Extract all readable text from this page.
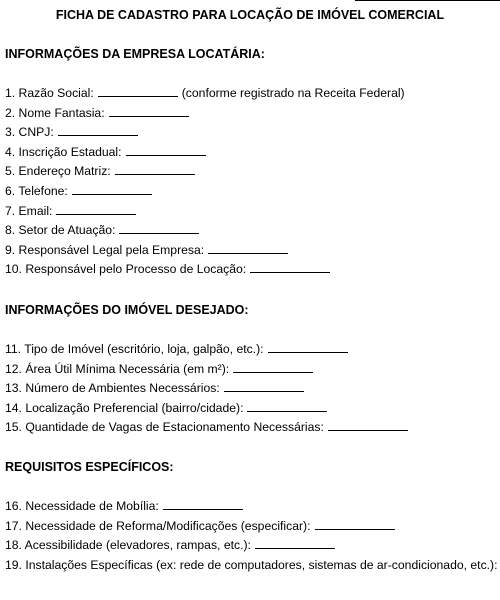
FICHA DE CADASTRO PARA LOCAÇÃO DE IMÓVEL COMERCIAL
INFORMAÇÕES DA EMPRESA LOCATÁRIA:
1. Razão Social:	(conforme registrado na Receita Federal)
2. Nome Fantasia:
3. CNPJ:
4. Inscrição Estadual:
5. Endereço Matriz:
6. Telefone:
7. Email:
8. Setor de Atuação:
9. Responsável Legal pela Empresa:
10. Responsável pelo Processo de Locação:
INFORMAÇÕES DO IMÓVEL DESEJADO:
11. Tipo de Imóvel (escritório, loja, galpão, etc.):
12. Área Útil Mínima Necessária (em m²):
13. Número de Ambientes Necessários:
14. Localização Preferencial (bairro/cidade):
15. Quantidade de Vagas de Estacionamento Necessárias:
REQUISITOS ESPECÍFICOS:
16. Necessidade de Mobília:
17. Necessidade de Reforma/Modificações (especificar):
18. Acessibilidade (elevadores, rampas, etc.):
19. Instalações Específicas (ex: rede de computadores, sistemas de ar-condicionado, etc.):
